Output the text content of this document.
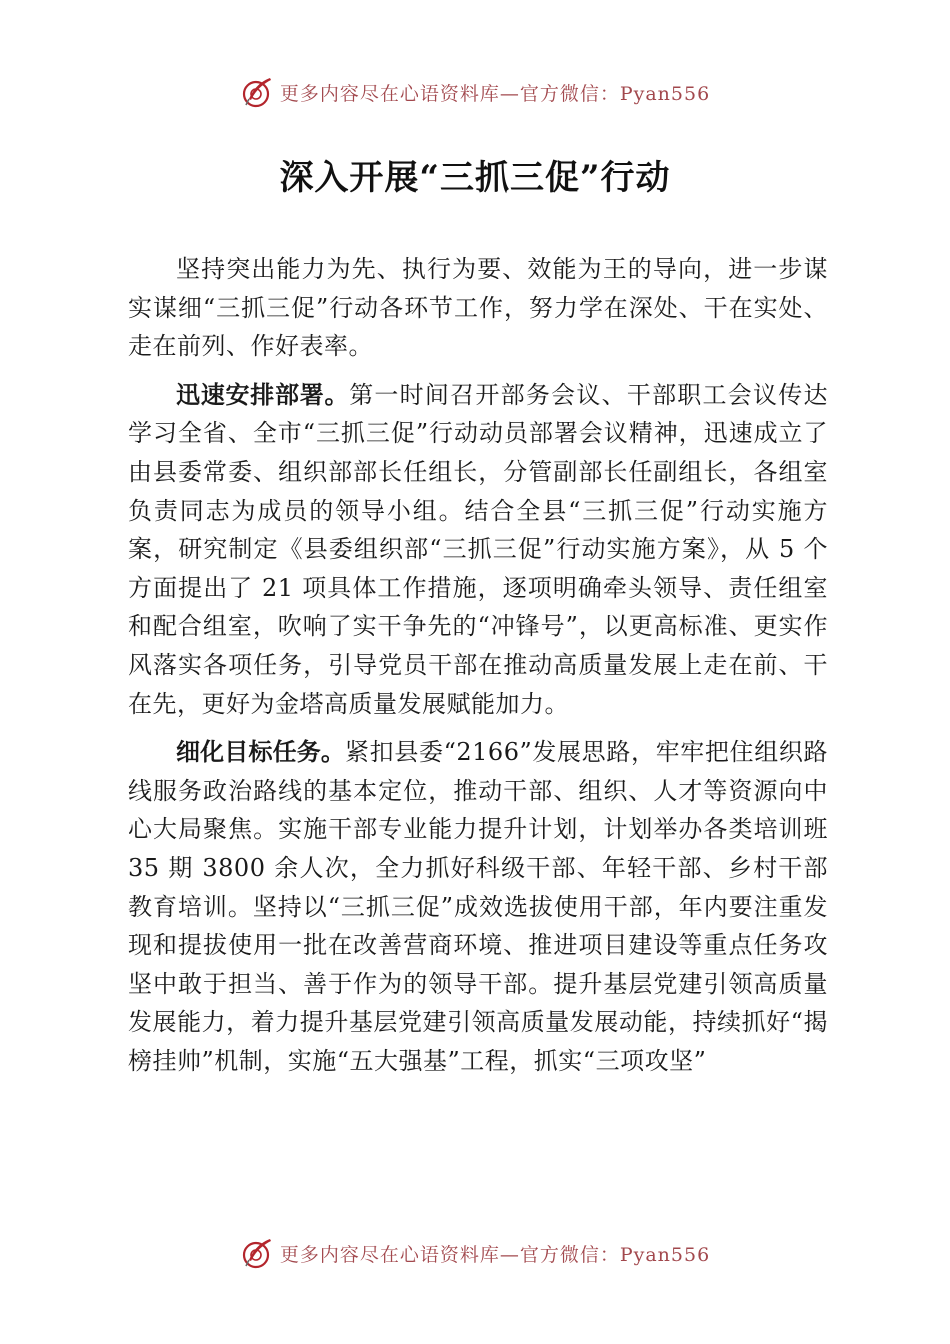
更多内容尽在心语资料库—官方微信：Pyan556
深入开展“三抓三促”行动

坚持突出能力为先、执行为要、效能为王的导向，进一步谋实谋细“三抓三促”行动各环节工作，努力学在深处、干在实处、走在前列、作好表率。

迅速安排部署。第一时间召开部务会议、干部职工会议传达学习全省、全市“三抓三促”行动动员部署会议精神，迅速成立了由县委常委、组织部部长任组长，分管副部长任副组长，各组室负责同志为成员的领导小组。结合全县“三抓三促”行动实施方案，研究制定《县委组织部“三抓三促”行动实施方案》，从 5 个方面提出了 21 项具体工作措施，逐项明确牵头领导、责任组室和配合组室，吹响了实干争先的“冲锋号”，以更高标准、更实作风落实各项任务，引导党员干部在推动高质量发展上走在前、干在先，更好为金塔高质量发展赋能加力。

细化目标任务。紧扣县委“2166”发展思路，牢牢把住组织路线服务政治路线的基本定位，推动干部、组织、人才等资源向中心大局聚焦。实施干部专业能力提升计划，计划举办各类培训班 35 期 3800 余人次，全力抓好科级干部、年轻干部、乡村干部教育培训。坚持以“三抓三促”成效选拔使用干部，年内要注重发现和提拔使用一批在改善营商环境、推进项目建设等重点任务攻坚中敢于担当、善于作为的领导干部。提升基层党建引领高质量发展能力，着力提升基层党建引领高质量发展动能，持续抓好“揭榜挂帅”机制，实施“五大强基”工程，抓实“三项攻坚”

更多内容尽在心语资料库—官方微信：Pyan556
